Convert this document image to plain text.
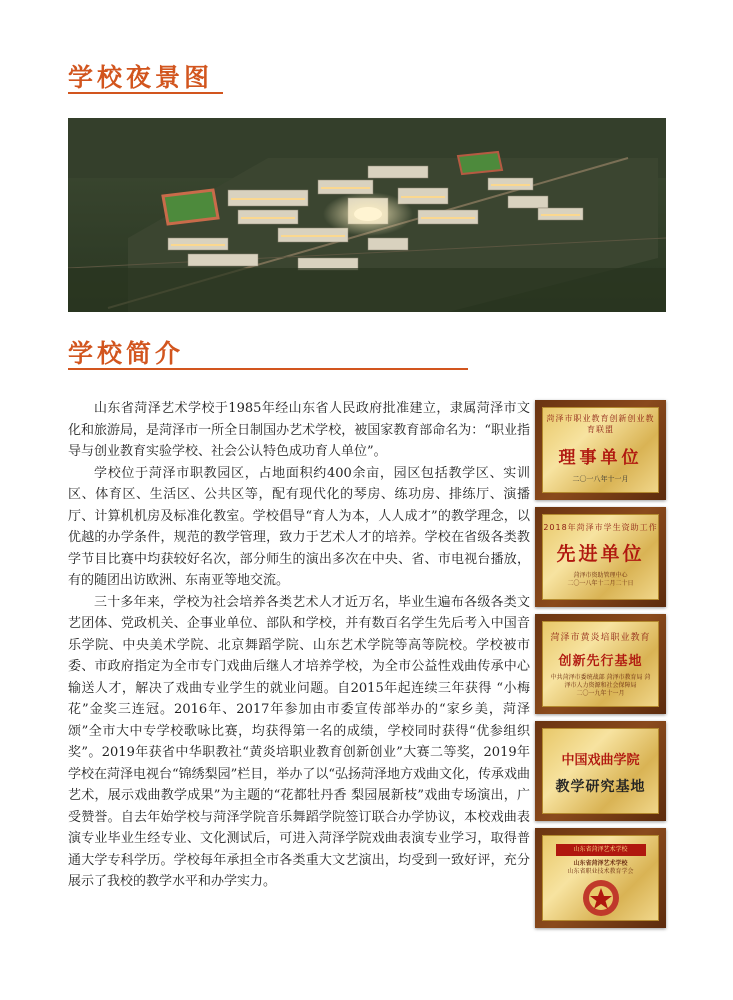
学校夜景图
学校简介

山东省菏泽艺术学校于1985年经山东省人民政府批准建立，隶属菏泽市文化和旅游局，是菏泽市一所全日制国办艺术学校，被国家教育部命名为：“职业指导与创业教育实验学校、社会公认特色成功育人单位”。

学校位于菏泽市职教园区，占地面积约400余亩，园区包括教学区、实训区、体育区、生活区、公共区等，配有现代化的琴房、练功房、排练厅、演播厅、计算机机房及标准化教室。学校倡导“育人为本，人人成才”的教学理念，以优越的办学条件，规范的教学管理，致力于艺术人才的培养。学校在省级各类教学节目比赛中均获较好名次，部分师生的演出多次在中央、省、市电视台播放，有的随团出访欧洲、东南亚等地交流。

三十多年来，学校为社会培养各类艺术人才近万名，毕业生遍布各级各类文艺团体、党政机关、企事业单位、部队和学校，并有数百名学生先后考入中国音乐学院、中央美术学院、北京舞蹈学院、山东艺术学院等高等院校。学校被市委、市政府指定为全市专门戏曲后继人才培养学校，为全市公益性戏曲传承中心输送人才，解决了戏曲专业学生的就业问题。自2015年起连续三年获得 “小梅花”金奖三连冠。2016年、2017年参加由市委宣传部举办的“家乡美，菏泽颂”全市大中专学校歌咏比赛，均获得第一名的成绩，学校同时获得“优参组织奖”。2019年获省中华职教社“黄炎培职业教育创新创业”大赛二等奖，2019年学校在菏泽电视台“锦绣梨园”栏目，举办了以“弘扬菏泽地方戏曲文化，传承戏曲艺术，展示戏曲教学成果”为主题的“花都牡丹香 梨园展新枝”戏曲专场演出，广受赞誉。自去年始学校与菏泽学院音乐舞蹈学院签订联合办学协议，本校戏曲表演专业毕业生经专业、文化测试后，可进入菏泽学院戏曲表演专业学习，取得普通大学专科学历。学校每年承担全市各类重大文艺演出，均受到一致好评，充分展示了我校的教学水平和办学实力。

菏泽市职业教育创新创业教育联盟
理事单位
二〇一八年十一月
2018年菏泽市学生资助工作
先进单位
菏泽市资助管理中心
二〇一八年十二月二十日
菏泽市黄炎培职业教育
创新先行基地
中共菏泽市委统战部 菏泽市教育局 菏泽市人力资源和社会保障局
二〇一九年十一月
中国戏曲学院
教学研究基地
山东省菏泽艺术学校
山东省菏泽艺术学校
山东省职业技术教育学会
